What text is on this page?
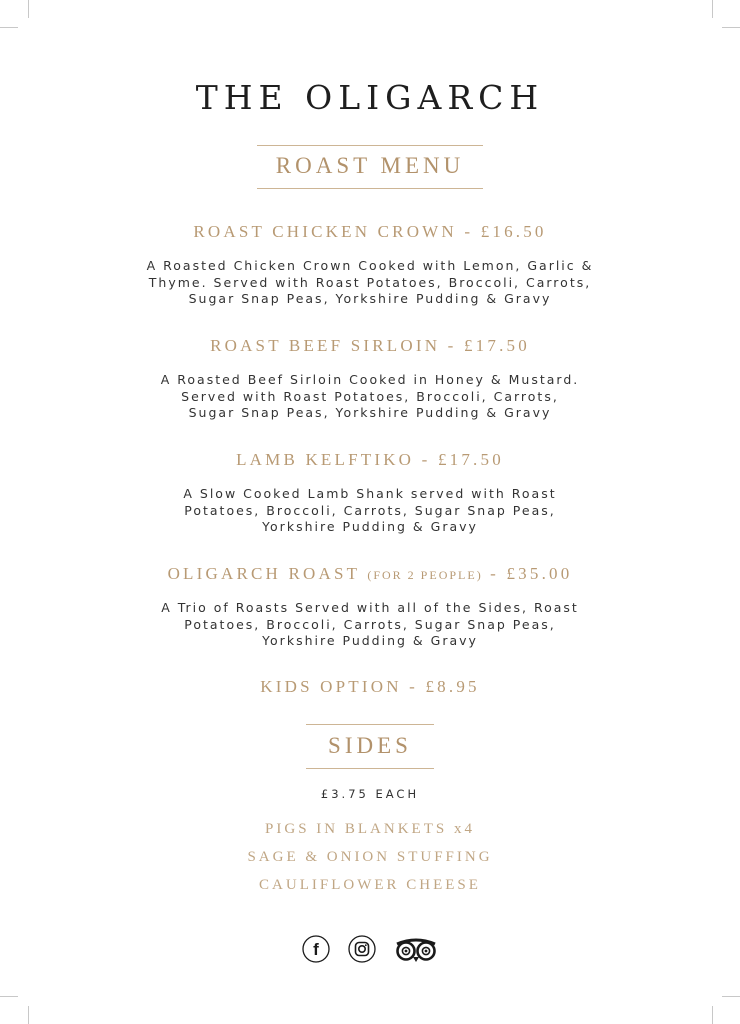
THE OLIGARCH
ROAST MENU
ROAST CHICKEN CROWN - £16.50
A Roasted Chicken Crown Cooked with Lemon, Garlic &
Thyme. Served with Roast Potatoes, Broccoli, Carrots,
Sugar Snap Peas, Yorkshire Pudding & Gravy
ROAST BEEF SIRLOIN - £17.50
A Roasted Beef Sirloin Cooked in Honey & Mustard.
Served with Roast Potatoes, Broccoli, Carrots,
Sugar Snap Peas, Yorkshire Pudding & Gravy
LAMB KELFTIKO - £17.50
A Slow Cooked Lamb Shank served with Roast
Potatoes, Broccoli, Carrots, Sugar Snap Peas,
Yorkshire Pudding & Gravy
OLIGARCH ROAST (FOR 2 PEOPLE) - £35.00
A Trio of Roasts Served with all of the Sides, Roast
Potatoes, Broccoli, Carrots, Sugar Snap Peas,
Yorkshire Pudding & Gravy
KIDS OPTION - £8.95
SIDES
£3.75 EACH
PIGS IN BLANKETS x4
SAGE & ONION STUFFING
CAULIFLOWER CHEESE
f
